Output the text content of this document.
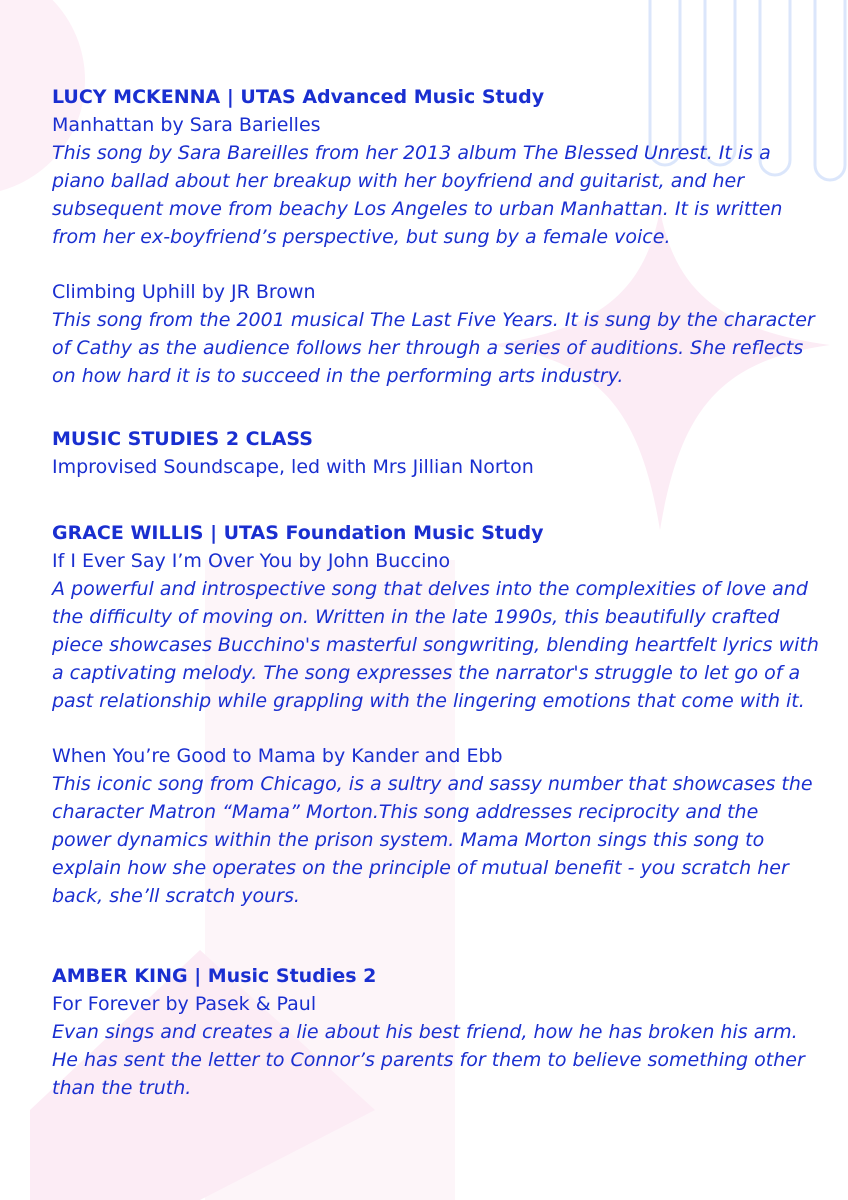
LUCY MCKENNA | UTAS Advanced Music Study
Manhattan by Sara Barielles
This song by Sara Bareilles from her 2013 album The Blessed Unrest. It is a piano ballad about her breakup with her boyfriend and guitarist, and her subsequent move from beachy Los Angeles to urban Manhattan. It is written from her ex-boyfriend’s perspective, but sung by a female voice.
Climbing Uphill by JR Brown
This song from the 2001 musical The Last Five Years. It is sung by the character of Cathy as the audience follows her through a series of auditions. She reflects on how hard it is to succeed in the performing arts industry.
MUSIC STUDIES 2 CLASS
Improvised Soundscape, led with Mrs Jillian Norton
GRACE WILLIS | UTAS Foundation Music Study
If I Ever Say I’m Over You by John Buccino
A powerful and introspective song that delves into the complexities of love and the difficulty of moving on. Written in the late 1990s, this beautifully crafted piece showcases Bucchino's masterful songwriting, blending heartfelt lyrics with a captivating melody. The song expresses the narrator's struggle to let go of a past relationship while grappling with the lingering emotions that come with it.
When You’re Good to Mama by Kander and Ebb
This iconic song from Chicago, is a sultry and sassy number that showcases the character Matron “Mama” Morton.This song addresses reciprocity and the power dynamics within the prison system. Mama Morton sings this song to explain how she operates on the principle of mutual benefit - you scratch her back, she’ll scratch yours.
AMBER KING | Music Studies 2
For Forever by Pasek & Paul
Evan sings and creates a lie about his best friend, how he has broken his arm. He has sent the letter to Connor’s parents for them to believe something other than the truth.
